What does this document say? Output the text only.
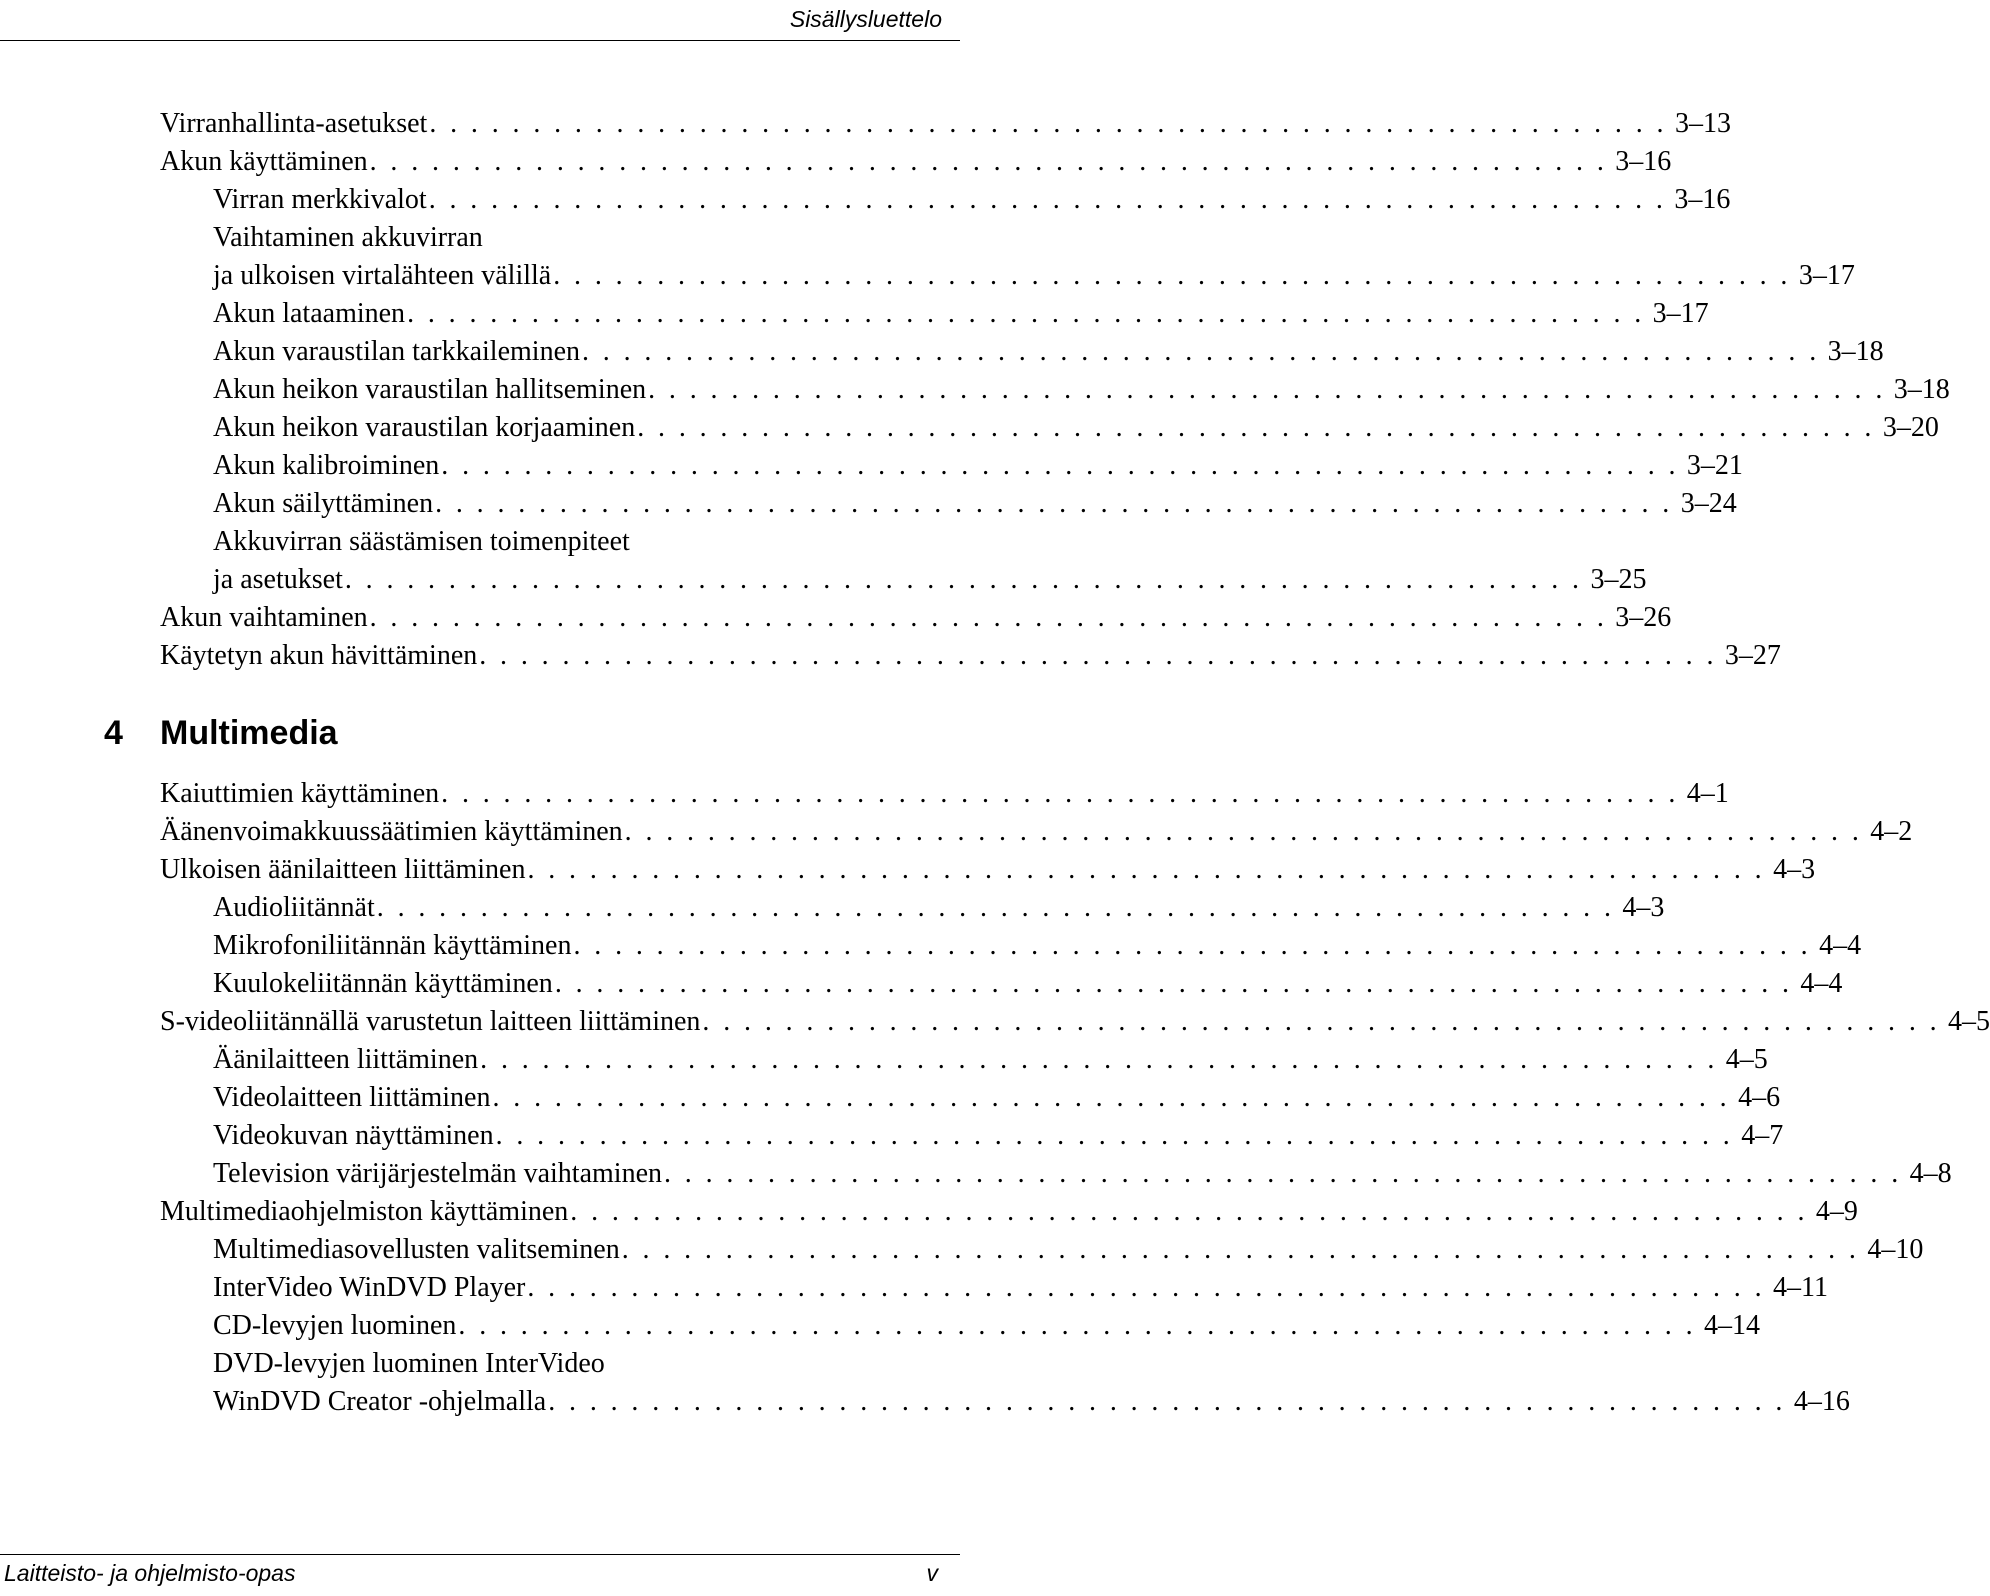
Sisällysluettelo
Virranhallinta-asetukset . . . . . . . . . . . . . . . . . . . . . . . . . . . . . . . . . . . . . . . . . . . . . . . . . . . . . . . . . . . . 3–13
Akun käyttäminen . . . . . . . . . . . . . . . . . . . . . . . . . . . . . . . . . . . . . . . . . . . . . . . . . . . . . . . . . . . . 3–16
Virran merkkivalot . . . . . . . . . . . . . . . . . . . . . . . . . . . . . . . . . . . . . . . . . . . . . . . . . . . . . . . . . . . . 3–16
Vaihtaminen akkuvirran
ja ulkoisen virtalähteen välillä . . . . . . . . . . . . . . . . . . . . . . . . . . . . . . . . . . . . . . . . . . . . . . . . . . . . . . . . . . . . 3–17
Akun lataaminen . . . . . . . . . . . . . . . . . . . . . . . . . . . . . . . . . . . . . . . . . . . . . . . . . . . . . . . . . . . . 3–17
Akun varaustilan tarkkaileminen . . . . . . . . . . . . . . . . . . . . . . . . . . . . . . . . . . . . . . . . . . . . . . . . . . . . . . . . . . . . 3–18
Akun heikon varaustilan hallitseminen . . . . . . . . . . . . . . . . . . . . . . . . . . . . . . . . . . . . . . . . . . . . . . . . . . . . . . . . . . . . 3–18
Akun heikon varaustilan korjaaminen . . . . . . . . . . . . . . . . . . . . . . . . . . . . . . . . . . . . . . . . . . . . . . . . . . . . . . . . . . . . 3–20
Akun kalibroiminen . . . . . . . . . . . . . . . . . . . . . . . . . . . . . . . . . . . . . . . . . . . . . . . . . . . . . . . . . . . . 3–21
Akun säilyttäminen . . . . . . . . . . . . . . . . . . . . . . . . . . . . . . . . . . . . . . . . . . . . . . . . . . . . . . . . . . . . 3–24
Akkuvirran säästämisen toimenpiteet
ja asetukset . . . . . . . . . . . . . . . . . . . . . . . . . . . . . . . . . . . . . . . . . . . . . . . . . . . . . . . . . . . . 3–25
Akun vaihtaminen . . . . . . . . . . . . . . . . . . . . . . . . . . . . . . . . . . . . . . . . . . . . . . . . . . . . . . . . . . . . 3–26
Käytetyn akun hävittäminen . . . . . . . . . . . . . . . . . . . . . . . . . . . . . . . . . . . . . . . . . . . . . . . . . . . . . . . . . . . . 3–27
4 Multimedia
Kaiuttimien käyttäminen . . . . . . . . . . . . . . . . . . . . . . . . . . . . . . . . . . . . . . . . . . . . . . . . . . . . . . . . . . . . 4–1
Äänenvoimakkuussäätimien käyttäminen . . . . . . . . . . . . . . . . . . . . . . . . . . . . . . . . . . . . . . . . . . . . . . . . . . . . . . . . . . . . 4–2
Ulkoisen äänilaitteen liittäminen . . . . . . . . . . . . . . . . . . . . . . . . . . . . . . . . . . . . . . . . . . . . . . . . . . . . . . . . . . . . 4–3
Audioliitännät . . . . . . . . . . . . . . . . . . . . . . . . . . . . . . . . . . . . . . . . . . . . . . . . . . . . . . . . . . . . 4–3
Mikrofoniliitännän käyttäminen . . . . . . . . . . . . . . . . . . . . . . . . . . . . . . . . . . . . . . . . . . . . . . . . . . . . . . . . . . . . 4–4
Kuulokeliitännän käyttäminen . . . . . . . . . . . . . . . . . . . . . . . . . . . . . . . . . . . . . . . . . . . . . . . . . . . . . . . . . . . . 4–4
S-videoliitännällä varustetun laitteen liittäminen . . . . . . . . . . . . . . . . . . . . . . . . . . . . . . . . . . . . . . . . . . . . . . . . . . . . . . . . . . . . 4–5
Äänilaitteen liittäminen . . . . . . . . . . . . . . . . . . . . . . . . . . . . . . . . . . . . . . . . . . . . . . . . . . . . . . . . . . . . 4–5
Videolaitteen liittäminen . . . . . . . . . . . . . . . . . . . . . . . . . . . . . . . . . . . . . . . . . . . . . . . . . . . . . . . . . . . . 4–6
Videokuvan näyttäminen . . . . . . . . . . . . . . . . . . . . . . . . . . . . . . . . . . . . . . . . . . . . . . . . . . . . . . . . . . . . 4–7
Television värijärjestelmän vaihtaminen . . . . . . . . . . . . . . . . . . . . . . . . . . . . . . . . . . . . . . . . . . . . . . . . . . . . . . . . . . . . 4–8
Multimediaohjelmiston käyttäminen . . . . . . . . . . . . . . . . . . . . . . . . . . . . . . . . . . . . . . . . . . . . . . . . . . . . . . . . . . . . 4–9
Multimediasovellusten valitseminen . . . . . . . . . . . . . . . . . . . . . . . . . . . . . . . . . . . . . . . . . . . . . . . . . . . . . . . . . . . . 4–10
InterVideo WinDVD Player . . . . . . . . . . . . . . . . . . . . . . . . . . . . . . . . . . . . . . . . . . . . . . . . . . . . . . . . . . . . 4–11
CD-levyjen luominen . . . . . . . . . . . . . . . . . . . . . . . . . . . . . . . . . . . . . . . . . . . . . . . . . . . . . . . . . . . . 4–14
DVD-levyjen luominen InterVideo
WinDVD Creator -ohjelmalla . . . . . . . . . . . . . . . . . . . . . . . . . . . . . . . . . . . . . . . . . . . . . . . . . . . . . . . . . . . . 4–16
Laitteisto- ja ohjelmisto-opas	v
